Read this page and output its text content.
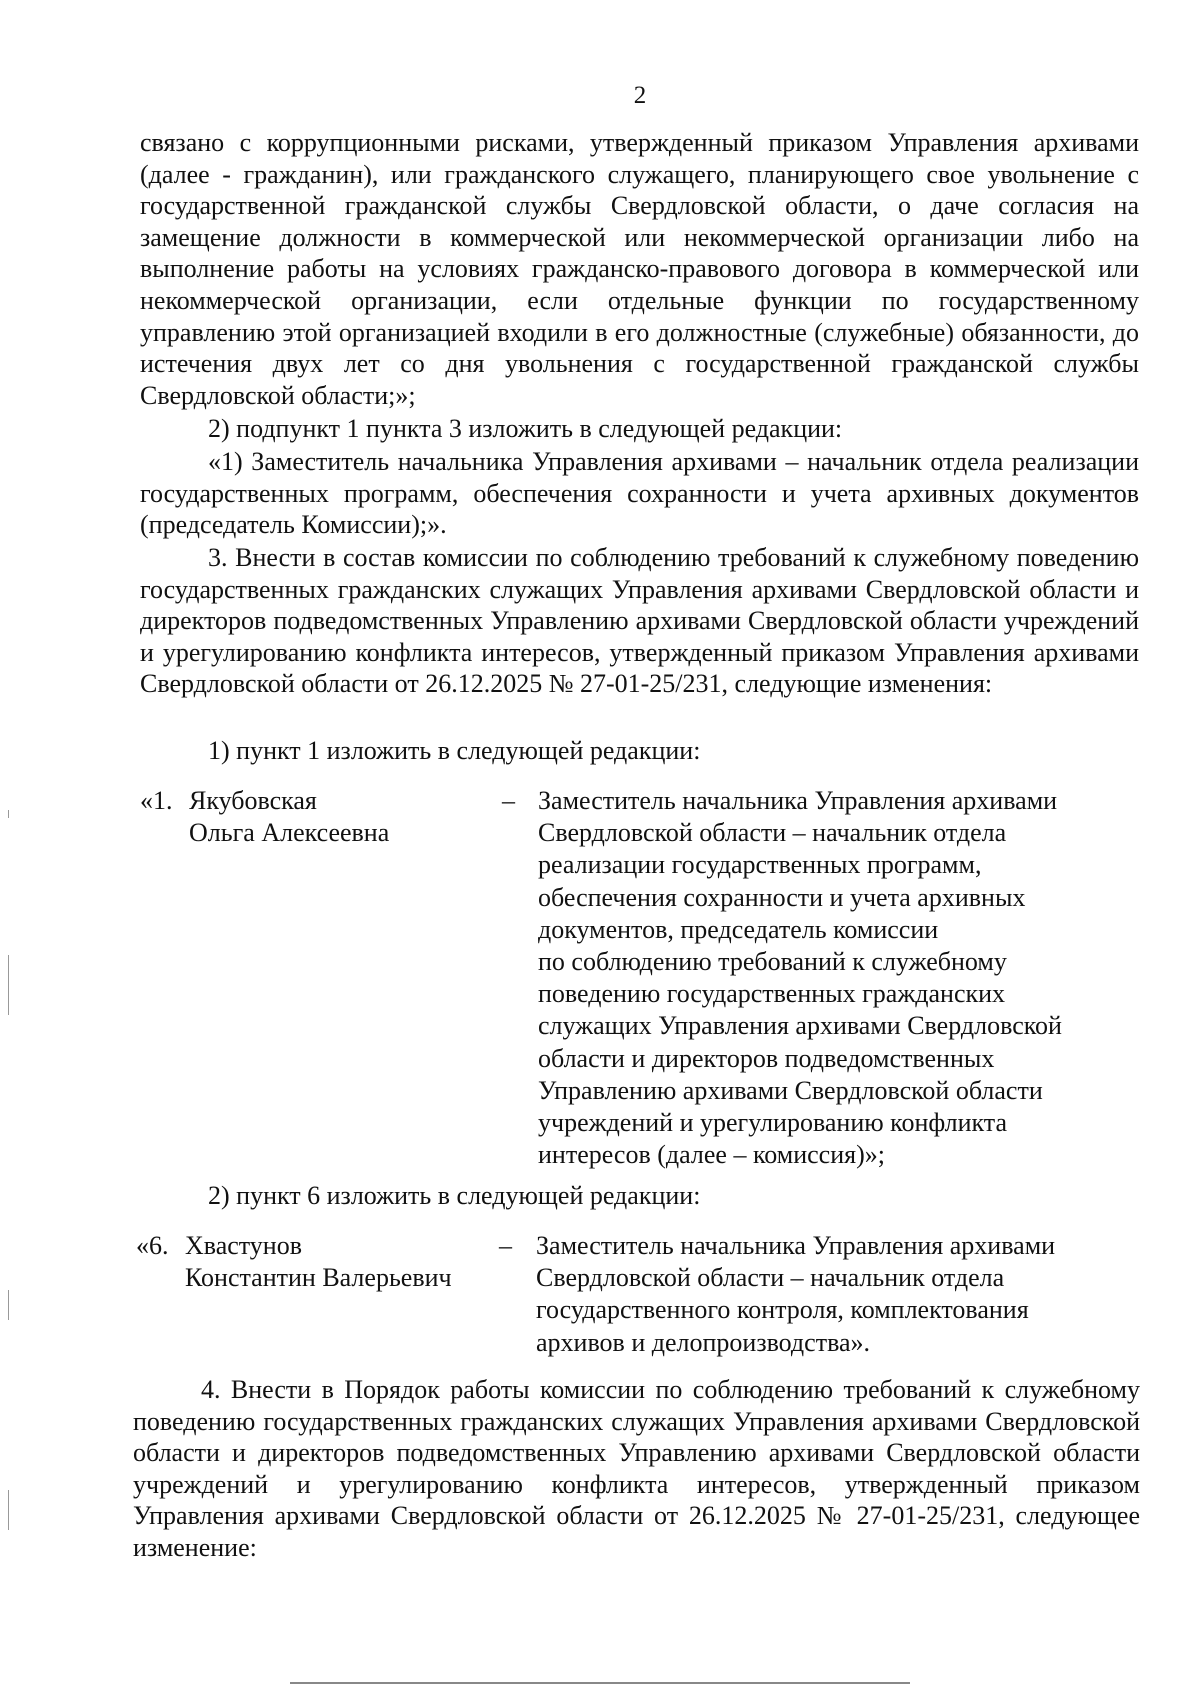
2
связано с коррупционными рисками, утвержденный приказом Управления архивами (далее - гражданин), или гражданского служащего, планирующего свое увольнение с государственной гражданской службы Свердловской области, о даче согласия на замещение должности в коммерческой или некоммерческой организации либо на выполнение работы на условиях гражданско-правового договора в коммерческой или некоммерческой организации, если отдельные функции по государственному управлению этой организацией входили в его должностные (служебные) обязанности, до истечения двух лет со дня увольнения с государственной гражданской службы Свердловской области;»;
2) подпункт 1 пункта 3 изложить в следующей редакции:
«1) Заместитель начальника Управления архивами – начальник отдела реализации государственных программ, обеспечения сохранности и учета архивных документов (председатель Комиссии);».
3. Внести в состав комиссии по соблюдению требований к служебному поведению государственных гражданских служащих Управления архивами Свердловской области и директоров подведомственных Управлению архивами Свердловской области учреждений и урегулированию конфликта интересов, утвержденный приказом Управления архивами Свердловской области от 26.12.2025 № 27-01-25/231, следующие изменения:
1) пункт 1 изложить в следующей редакции:
«1. Якубовская
Ольга Алексеевна
– Заместитель начальника Управления архивами
Свердловской области – начальник отдела
реализации государственных программ,
обеспечения сохранности и учета архивных
документов, председатель комиссии
по соблюдению требований к служебному
поведению государственных гражданских
служащих Управления архивами Свердловской
области и директоров подведомственных
Управлению архивами Свердловской области
учреждений и урегулированию конфликта
интересов (далее – комиссия)»;
2) пункт 6 изложить в следующей редакции:
«6. Хвастунов
Константин Валерьевич
– Заместитель начальника Управления архивами
Свердловской области – начальник отдела
государственного контроля, комплектования
архивов и делопроизводства».
4. Внести в Порядок работы комиссии по соблюдению требований к служебному поведению государственных гражданских служащих Управления архивами Свердловской области и директоров подведомственных Управлению архивами Свердловской области учреждений и урегулированию конфликта интересов, утвержденный приказом Управления архивами Свердловской области от 26.12.2025 № 27-01-25/231, следующее изменение:
